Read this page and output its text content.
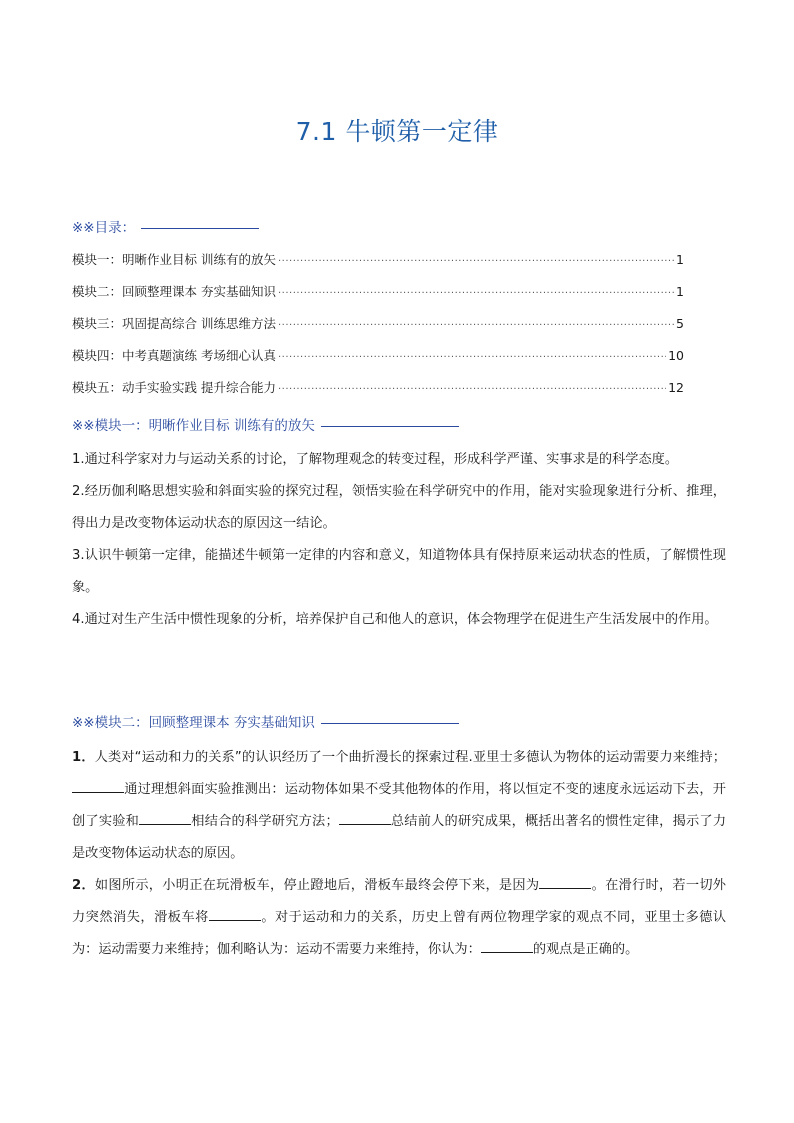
7.1 牛顿第一定律
※※目录：
模块一：明晰作业目标 训练有的放矢 ·····	1
模块二：回顾整理课本 夯实基础知识 ·····	1
模块三：巩固提高综合 训练思维方法 ·····	5
模块四：中考真题演练 考场细心认真 ·····	10
模块五：动手实验实践 提升综合能力 ·····	12
※※模块一：明晰作业目标 训练有的放矢
1.通过科学家对力与运动关系的讨论，了解物理观念的转变过程，形成科学严谨、实事求是的科学态度。
2.经历伽利略思想实验和斜面实验的探究过程，领悟实验在科学研究中的作用，能对实验现象进行分析、推理，得出力是改变物体运动状态的原因这一结论。
3.认识牛顿第一定律，能描述牛顿第一定律的内容和意义，知道物体具有保持原来运动状态的性质，了解惯性现象。
4.通过对生产生活中惯性现象的分析，培养保护自己和他人的意识，体会物理学在促进生产生活发展中的作用。
※※模块二：回顾整理课本 夯实基础知识
1．人类对“运动和力的关系”的认识经历了一个曲折漫长的探索过程.亚里士多德认为物体的运动需要力来维持；通过理想斜面实验推测出：运动物体如果不受其他物体的作用，将以恒定不变的速度永远运动下去，开创了实验和	相结合的科学研究方法；	总结前人的研究成果，概括出著名的惯性定律，揭示了力是改变物体运动状态的原因。
2．如图所示，小明正在玩滑板车，停止蹬地后，滑板车最终会停下来，是因为	。在滑行时，若一切外力突然消失，滑板车将	。对于运动和力的关系，历史上曾有两位物理学家的观点不同，亚里士多德认为：运动需要力来维持；伽利略认为：运动不需要力来维持，你认为：	的观点是正确的。
